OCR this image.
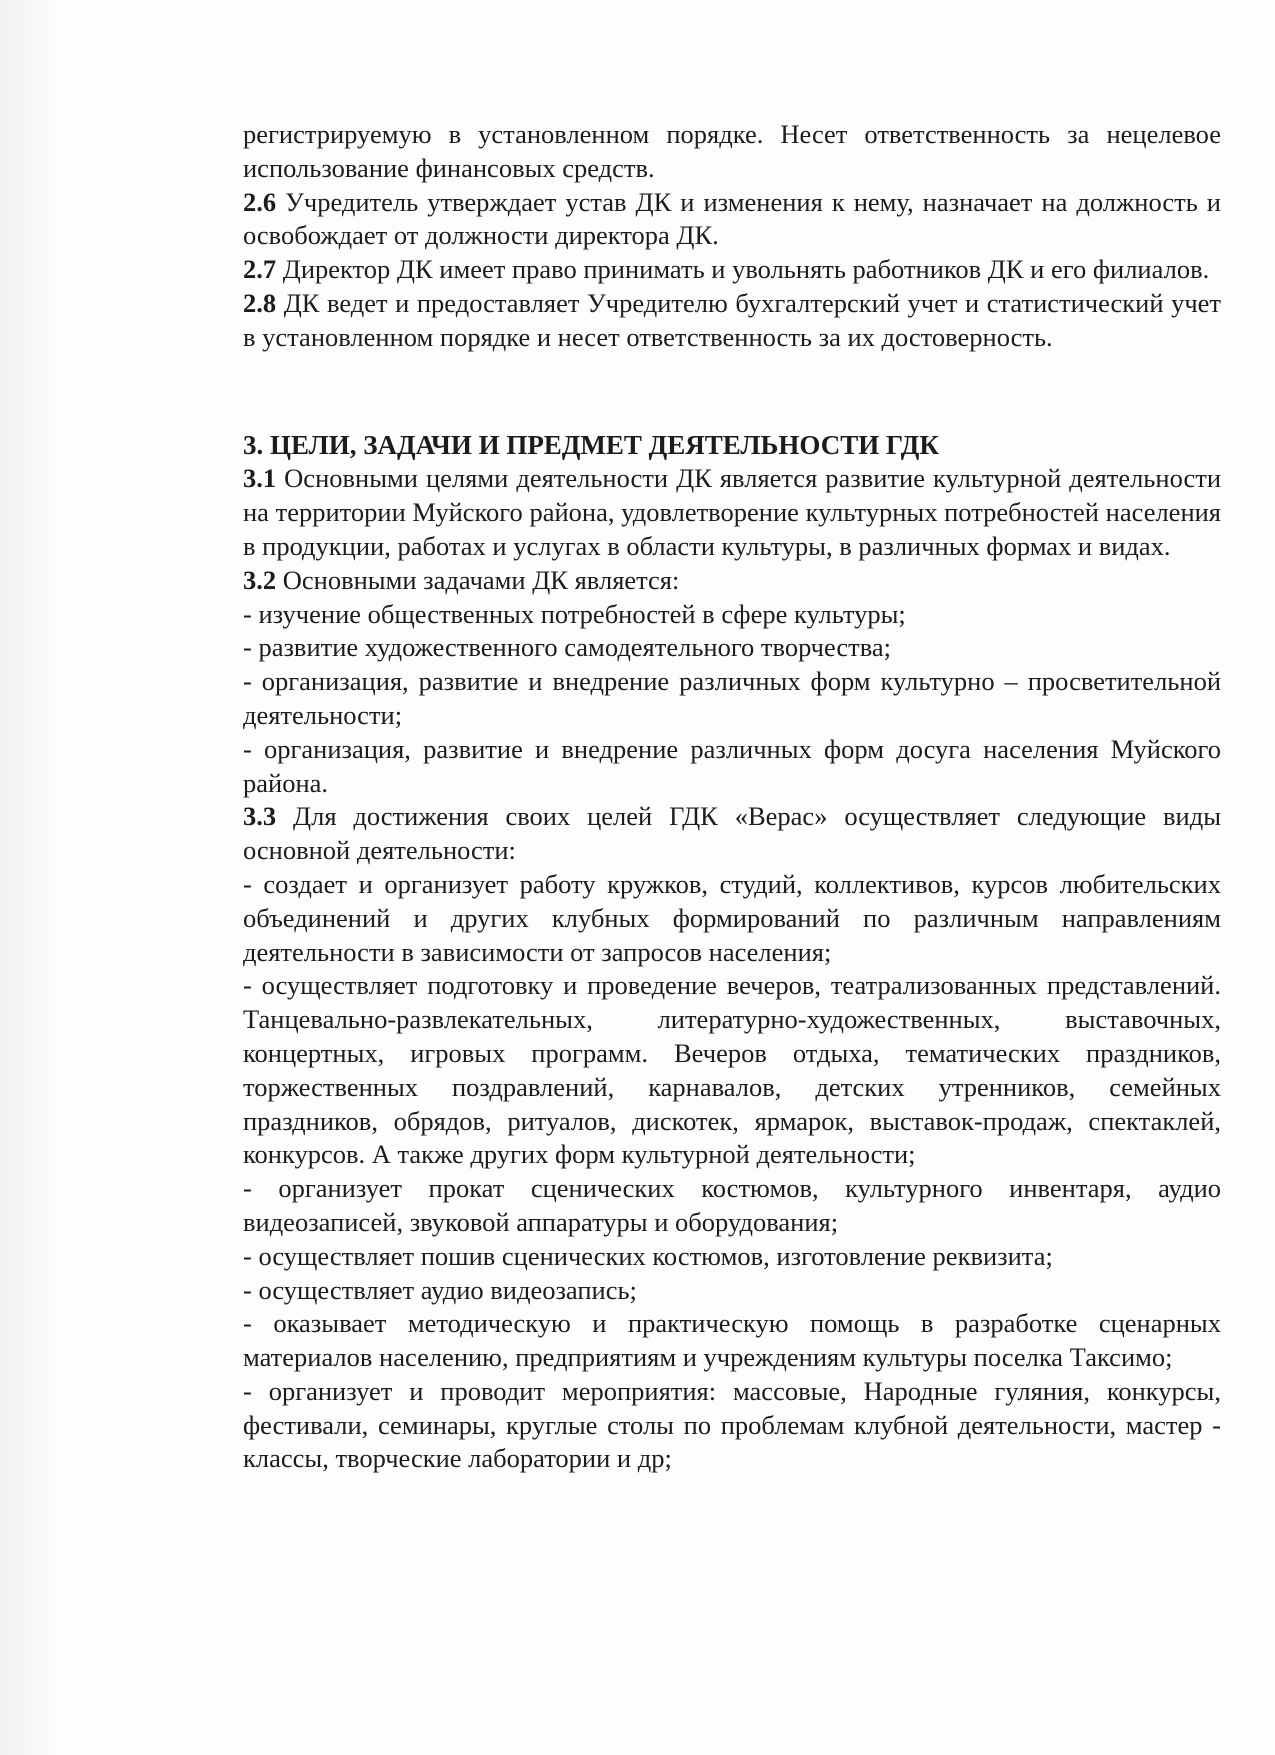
регистрируемую в установленном порядке. Несет ответственность за нецелевое использование финансовых средств.

2.6 Учредитель утверждает устав ДК и изменения к нему, назначает на должность и освобождает от должности директора ДК.

2.7 Директор ДК имеет право принимать и увольнять работников ДК и его филиалов.

2.8 ДК ведет и предоставляет Учредителю бухгалтерский учет и статистический учет в установленном порядке и несет ответственность за их достоверность.

3. ЦЕЛИ, ЗАДАЧИ И ПРЕДМЕТ ДЕЯТЕЛЬНОСТИ ГДК

3.1 Основными целями деятельности ДК является развитие культурной деятельности на территории Муйского района, удовлетворение культурных потребностей населения в продукции, работах и услугах в области культуры, в различных формах и видах.

3.2 Основными задачами ДК является:

- изучение общественных потребностей в сфере культуры;

- развитие художественного самодеятельного творчества;

- организация, развитие и внедрение различных форм культурно – просветительной деятельности;

- организация, развитие и внедрение различных форм досуга населения Муйского района.

3.3 Для достижения своих целей ГДК «Верас» осуществляет следующие виды основной деятельности:

- создает и организует работу кружков, студий, коллективов, курсов любительских объединений и других клубных формирований по различным направлениям деятельности в зависимости от запросов населения;

- осуществляет подготовку и проведение вечеров, театрализованных представлений. Танцевально-развлекательных, литературно-художественных, выставочных, концертных, игровых программ. Вечеров отдыха, тематических праздников, торжественных поздравлений, карнавалов, детских утренников, семейных праздников, обрядов, ритуалов, дискотек, ярмарок, выставок-продаж, спектаклей, конкурсов. А также других форм культурной деятельности;

- организует прокат сценических костюмов, культурного инвентаря, аудио видеозаписей, звуковой аппаратуры и оборудования;

- осуществляет пошив сценических костюмов, изготовление реквизита;

- осуществляет аудио видеозапись;

- оказывает методическую и практическую помощь в разработке сценарных материалов населению, предприятиям и учреждениям культуры поселка Таксимо;

- организует и проводит мероприятия: массовые, Народные гуляния, конкурсы, фестивали, семинары, круглые столы по проблемам клубной деятельности, мастер - классы, творческие лаборатории и др;
